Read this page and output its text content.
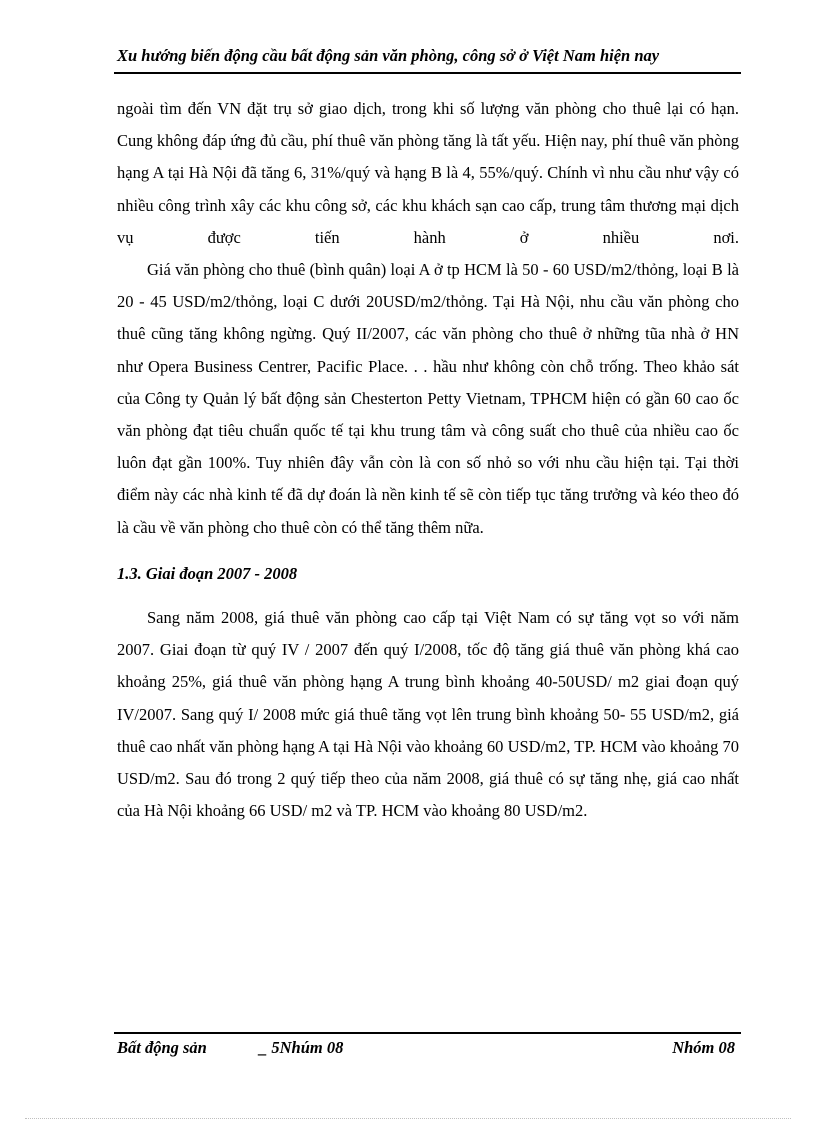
Xu hướng biến động cầu bất động sản văn phòng, công sở ở Việt Nam hiện nay

ngoài tìm đến VN đặt trụ sở giao dịch, trong khi số lượng văn phòng cho thuê lại có hạn. Cung không đáp ứng đủ cầu, phí thuê văn phòng tăng là tất yếu. Hiện nay, phí thuê văn phòng hạng A tại Hà Nội đã tăng 6, 31%/quý và hạng B là 4, 55%/quý. Chính vì nhu cầu như vậy có nhiều công trình xây các khu công sở, các khu khách sạn cao cấp, trung tâm thương mại dịch vụ được tiến hành ở nhiều nơi.

Giá văn phòng cho thuê (bình quân) loại A ở tp HCM là 50 - 60 USD/m2/thỏng, loại B là 20 - 45 USD/m2/thỏng, loại C dưới 20USD/m2/thỏng. Tại Hà Nội, nhu cầu văn phòng cho thuê cũng tăng không ngừng. Quý II/2007, các văn phòng cho thuê ở những tũa nhà ở HN như Opera Business Centrer, Pacific Place. . . hầu như không còn chỗ trống. Theo khảo sát của Công ty Quản lý bất động sản Chesterton Petty Vietnam, TPHCM hiện có gần 60 cao ốc văn phòng đạt tiêu chuẩn quốc tế tại khu trung tâm và công suất cho thuê của nhiều cao ốc luôn đạt gần 100%. Tuy nhiên đây vẫn còn là con số nhỏ so với nhu cầu hiện tại. Tại thời điểm này các nhà kinh tế đã dự đoán là nền kinh tế sẽ còn tiếp tục tăng trưởng và kéo theo đó là cầu về văn phòng cho thuê còn có thể tăng thêm nữa.

1.3. Giai đoạn 2007 - 2008

Sang năm 2008, giá thuê văn phòng cao cấp tại Việt Nam có sự tăng vọt so với năm 2007. Giai đoạn từ quý IV / 2007 đến quý I/2008, tốc độ tăng giá thuê văn phòng khá cao khoảng 25%, giá thuê văn phòng hạng A trung bình khoảng 40-50USD/ m2 giai đoạn quý IV/2007. Sang quý I/ 2008 mức giá thuê tăng vọt lên trung bình khoảng 50- 55 USD/m2, giá thuê cao nhất văn phòng hạng A tại Hà Nội vào khoảng 60 USD/m2, TP. HCM vào khoảng 70 USD/m2. Sau đó trong 2 quý tiếp theo của năm 2008, giá thuê có sự tăng nhẹ, giá cao nhất của Hà Nội khoảng 66 USD/ m2 và TP. HCM vào khoảng 80 USD/m2.

Bất động sản	_ 5Nhúm 08	Nhóm 08
